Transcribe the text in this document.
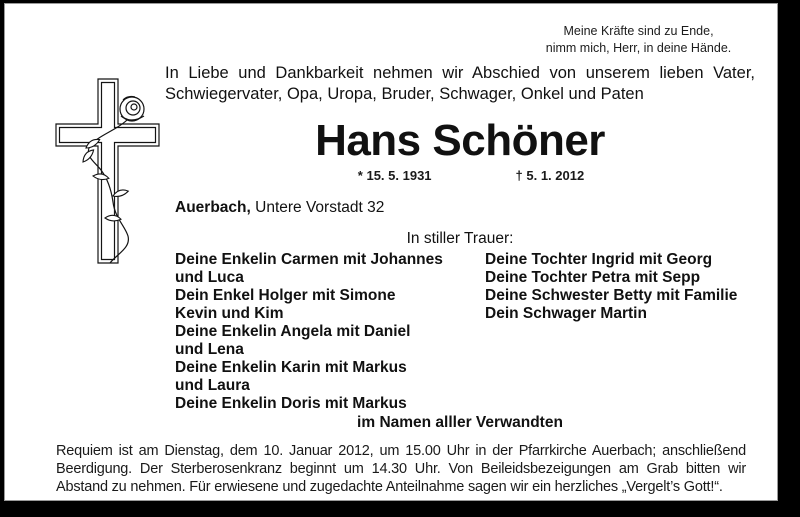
Meine Kräfte sind zu Ende,
nimm mich, Herr, in deine Hände.
In Liebe und Dankbarkeit nehmen wir Abschied von unserem lieben Vater,
Schwiegervater, Opa, Uropa, Bruder, Schwager, Onkel und Paten
Hans Schöner
* 15. 5. 1931	† 5. 1. 2012
Auerbach, Untere Vorstadt 32
In stiller Trauer:
Deine Enkelin Carmen mit Johannes
und Luca
Dein Enkel Holger mit Simone
Kevin und Kim
Deine Enkelin Angela mit Daniel
und Lena
Deine Enkelin Karin mit Markus
und Laura
Deine Enkelin Doris mit Markus
Deine Tochter Ingrid mit Georg
Deine Tochter Petra mit Sepp
Deine Schwester Betty mit Familie
Dein Schwager Martin
im Namen alller Verwandten
Requiem ist am Dienstag, dem 10. Januar 2012, um 15.00 Uhr in der Pfarrkirche Auerbach; anschließend
Beerdigung. Der Sterberosenkranz beginnt um 14.30 Uhr. Von Beileidsbezeigungen am Grab bitten wir
Abstand zu nehmen. Für erwiesene und zugedachte Anteilnahme sagen wir ein herzliches „Vergelt’s Gott!“.
